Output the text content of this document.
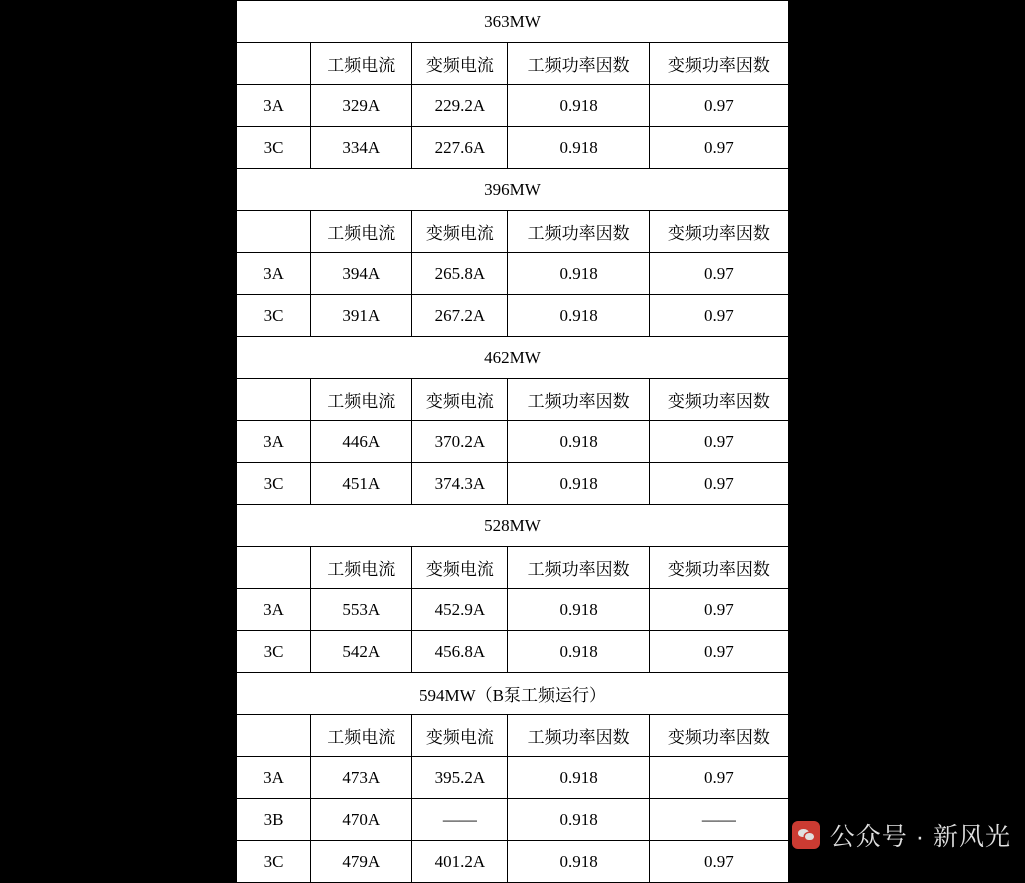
363MW				
	工频电流	变频电流	工频功率因数	变频功率因数
3A	329A	229.2A	0.918	0.97
3C	334A	227.6A	0.918	0.97
396MW				
	工频电流	变频电流	工频功率因数	变频功率因数
3A	394A	265.8A	0.918	0.97
3C	391A	267.2A	0.918	0.97
462MW				
	工频电流	变频电流	工频功率因数	变频功率因数
3A	446A	370.2A	0.918	0.97
3C	451A	374.3A	0.918	0.97
528MW				
	工频电流	变频电流	工频功率因数	变频功率因数
3A	553A	452.9A	0.918	0.97
3C	542A	456.8A	0.918	0.97
594MW（B泵工频运行）				
	工频电流	变频电流	工频功率因数	变频功率因数
3A	473A	395.2A	0.918	0.97
3B	470A	——	0.918	——
3C	479A	401.2A	0.918	0.97
公众号 · 新风光
